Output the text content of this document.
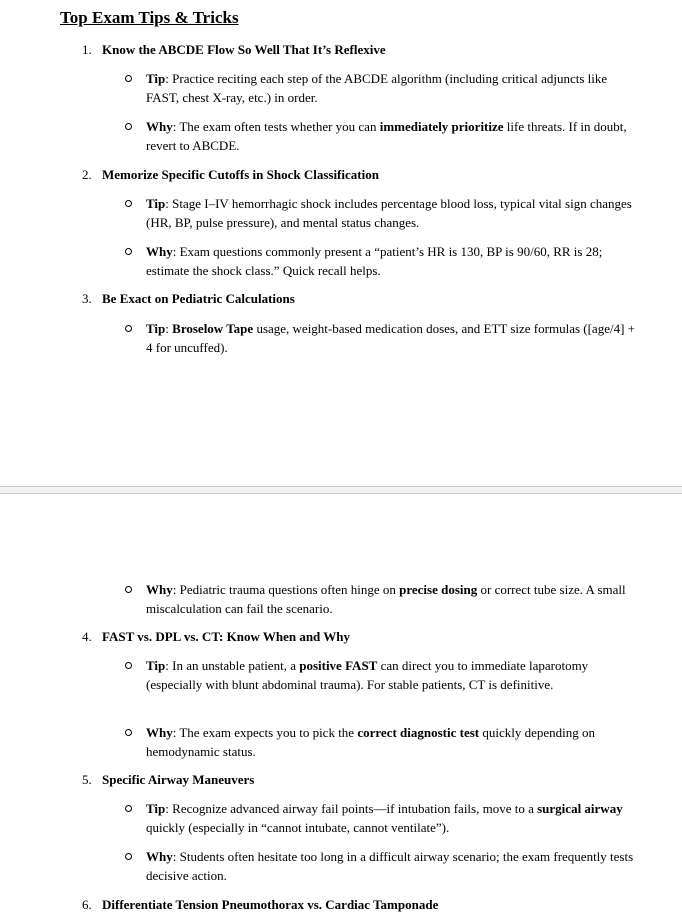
Top Exam Tips & Tricks
1. Know the ABCDE Flow So Well That It’s Reflexive
Tip: Practice reciting each step of the ABCDE algorithm (including critical adjuncts like FAST, chest X-ray, etc.) in order.
Why: The exam often tests whether you can immediately prioritize life threats. If in doubt, revert to ABCDE.
2. Memorize Specific Cutoffs in Shock Classification
Tip: Stage I–IV hemorrhagic shock includes percentage blood loss, typical vital sign changes (HR, BP, pulse pressure), and mental status changes.
Why: Exam questions commonly present a “patient’s HR is 130, BP is 90/60, RR is 28; estimate the shock class.” Quick recall helps.
3. Be Exact on Pediatric Calculations
Tip: Broselow Tape usage, weight-based medication doses, and ETT size formulas ([age/4] + 4 for uncuffed).
Why: Pediatric trauma questions often hinge on precise dosing or correct tube size. A small miscalculation can fail the scenario.
4. FAST vs. DPL vs. CT: Know When and Why
Tip: In an unstable patient, a positive FAST can direct you to immediate laparotomy (especially with blunt abdominal trauma). For stable patients, CT is definitive.
Why: The exam expects you to pick the correct diagnostic test quickly depending on hemodynamic status.
5. Specific Airway Maneuvers
Tip: Recognize advanced airway fail points—if intubation fails, move to a surgical airway quickly (especially in “cannot intubate, cannot ventilate”).
Why: Students often hesitate too long in a difficult airway scenario; the exam frequently tests decisive action.
6. Differentiate Tension Pneumothorax vs. Cardiac Tamponade
